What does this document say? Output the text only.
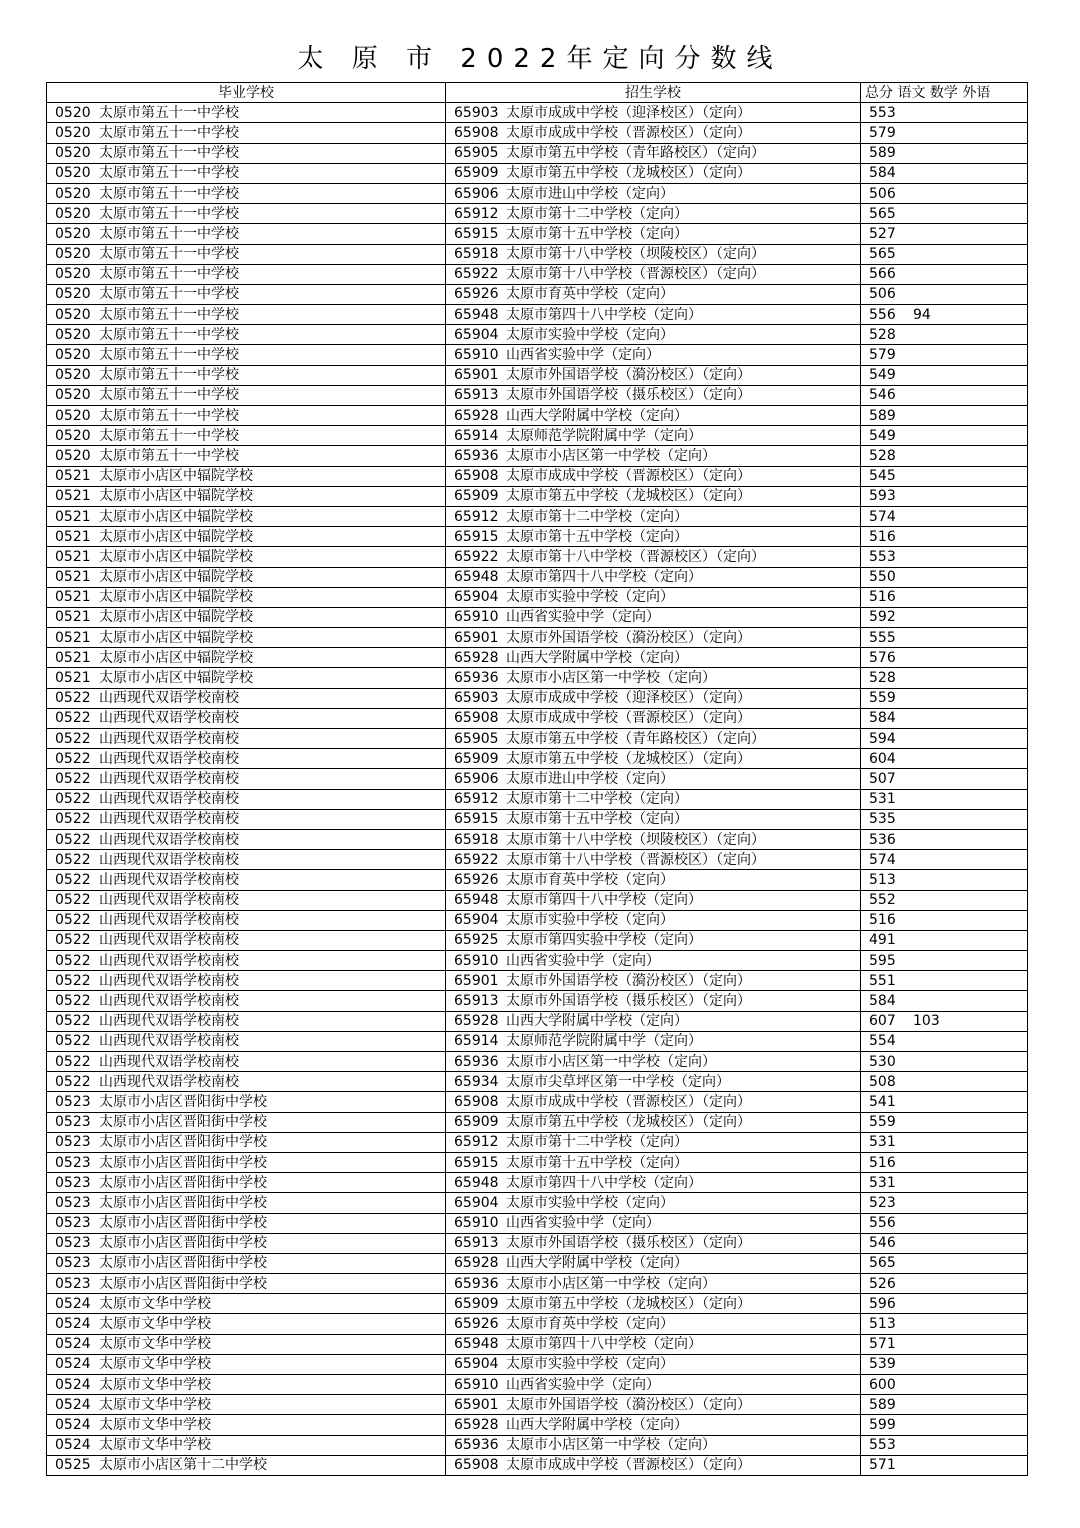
太 原 市 2022年定向分数线
毕业学校	招生学校	总分 语文 数学 外语
0520 太原市第五十一中学校	65903 太原市成成中学校（迎泽校区）（定向）	553
0520 太原市第五十一中学校	65908 太原市成成中学校（晋源校区）（定向）	579
0520 太原市第五十一中学校	65905 太原市第五中学校（青年路校区）（定向）	589
0520 太原市第五十一中学校	65909 太原市第五中学校（龙城校区）（定向）	584
0520 太原市第五十一中学校	65906 太原市进山中学校（定向）	506
0520 太原市第五十一中学校	65912 太原市第十二中学校（定向）	565
0520 太原市第五十一中学校	65915 太原市第十五中学校（定向）	527
0520 太原市第五十一中学校	65918 太原市第十八中学校（坝陵校区）（定向）	565
0520 太原市第五十一中学校	65922 太原市第十八中学校（晋源校区）（定向）	566
0520 太原市第五十一中学校	65926 太原市育英中学校（定向）	506
0520 太原市第五十一中学校	65948 太原市第四十八中学校（定向）	556 94
0520 太原市第五十一中学校	65904 太原市实验中学校（定向）	528
0520 太原市第五十一中学校	65910 山西省实验中学（定向）	579
0520 太原市第五十一中学校	65901 太原市外国语学校（漪汾校区）（定向）	549
0520 太原市第五十一中学校	65913 太原市外国语学校（摄乐校区）（定向）	546
0520 太原市第五十一中学校	65928 山西大学附属中学校（定向）	589
0520 太原市第五十一中学校	65914 太原师范学院附属中学（定向）	549
0520 太原市第五十一中学校	65936 太原市小店区第一中学校（定向）	528
0521 太原市小店区中辐院学校	65908 太原市成成中学校（晋源校区）（定向）	545
0521 太原市小店区中辐院学校	65909 太原市第五中学校（龙城校区）（定向）	593
0521 太原市小店区中辐院学校	65912 太原市第十二中学校（定向）	574
0521 太原市小店区中辐院学校	65915 太原市第十五中学校（定向）	516
0521 太原市小店区中辐院学校	65922 太原市第十八中学校（晋源校区）（定向）	553
0521 太原市小店区中辐院学校	65948 太原市第四十八中学校（定向）	550
0521 太原市小店区中辐院学校	65904 太原市实验中学校（定向）	516
0521 太原市小店区中辐院学校	65910 山西省实验中学（定向）	592
0521 太原市小店区中辐院学校	65901 太原市外国语学校（漪汾校区）（定向）	555
0521 太原市小店区中辐院学校	65928 山西大学附属中学校（定向）	576
0521 太原市小店区中辐院学校	65936 太原市小店区第一中学校（定向）	528
0522 山西现代双语学校南校	65903 太原市成成中学校（迎泽校区）（定向）	559
0522 山西现代双语学校南校	65908 太原市成成中学校（晋源校区）（定向）	584
0522 山西现代双语学校南校	65905 太原市第五中学校（青年路校区）（定向）	594
0522 山西现代双语学校南校	65909 太原市第五中学校（龙城校区）（定向）	604
0522 山西现代双语学校南校	65906 太原市进山中学校（定向）	507
0522 山西现代双语学校南校	65912 太原市第十二中学校（定向）	531
0522 山西现代双语学校南校	65915 太原市第十五中学校（定向）	535
0522 山西现代双语学校南校	65918 太原市第十八中学校（坝陵校区）（定向）	536
0522 山西现代双语学校南校	65922 太原市第十八中学校（晋源校区）（定向）	574
0522 山西现代双语学校南校	65926 太原市育英中学校（定向）	513
0522 山西现代双语学校南校	65948 太原市第四十八中学校（定向）	552
0522 山西现代双语学校南校	65904 太原市实验中学校（定向）	516
0522 山西现代双语学校南校	65925 太原市第四实验中学校（定向）	491
0522 山西现代双语学校南校	65910 山西省实验中学（定向）	595
0522 山西现代双语学校南校	65901 太原市外国语学校（漪汾校区）（定向）	551
0522 山西现代双语学校南校	65913 太原市外国语学校（摄乐校区）（定向）	584
0522 山西现代双语学校南校	65928 山西大学附属中学校（定向）	607 103
0522 山西现代双语学校南校	65914 太原师范学院附属中学（定向）	554
0522 山西现代双语学校南校	65936 太原市小店区第一中学校（定向）	530
0522 山西现代双语学校南校	65934 太原市尖草坪区第一中学校（定向）	508
0523 太原市小店区晋阳街中学校	65908 太原市成成中学校（晋源校区）（定向）	541
0523 太原市小店区晋阳街中学校	65909 太原市第五中学校（龙城校区）（定向）	559
0523 太原市小店区晋阳街中学校	65912 太原市第十二中学校（定向）	531
0523 太原市小店区晋阳街中学校	65915 太原市第十五中学校（定向）	516
0523 太原市小店区晋阳街中学校	65948 太原市第四十八中学校（定向）	531
0523 太原市小店区晋阳街中学校	65904 太原市实验中学校（定向）	523
0523 太原市小店区晋阳街中学校	65910 山西省实验中学（定向）	556
0523 太原市小店区晋阳街中学校	65913 太原市外国语学校（摄乐校区）（定向）	546
0523 太原市小店区晋阳街中学校	65928 山西大学附属中学校（定向）	565
0523 太原市小店区晋阳街中学校	65936 太原市小店区第一中学校（定向）	526
0524 太原市文华中学校	65909 太原市第五中学校（龙城校区）（定向）	596
0524 太原市文华中学校	65926 太原市育英中学校（定向）	513
0524 太原市文华中学校	65948 太原市第四十八中学校（定向）	571
0524 太原市文华中学校	65904 太原市实验中学校（定向）	539
0524 太原市文华中学校	65910 山西省实验中学（定向）	600
0524 太原市文华中学校	65901 太原市外国语学校（漪汾校区）（定向）	589
0524 太原市文华中学校	65928 山西大学附属中学校（定向）	599
0524 太原市文华中学校	65936 太原市小店区第一中学校（定向）	553
0525 太原市小店区第十二中学校	65908 太原市成成中学校（晋源校区）（定向）	571
